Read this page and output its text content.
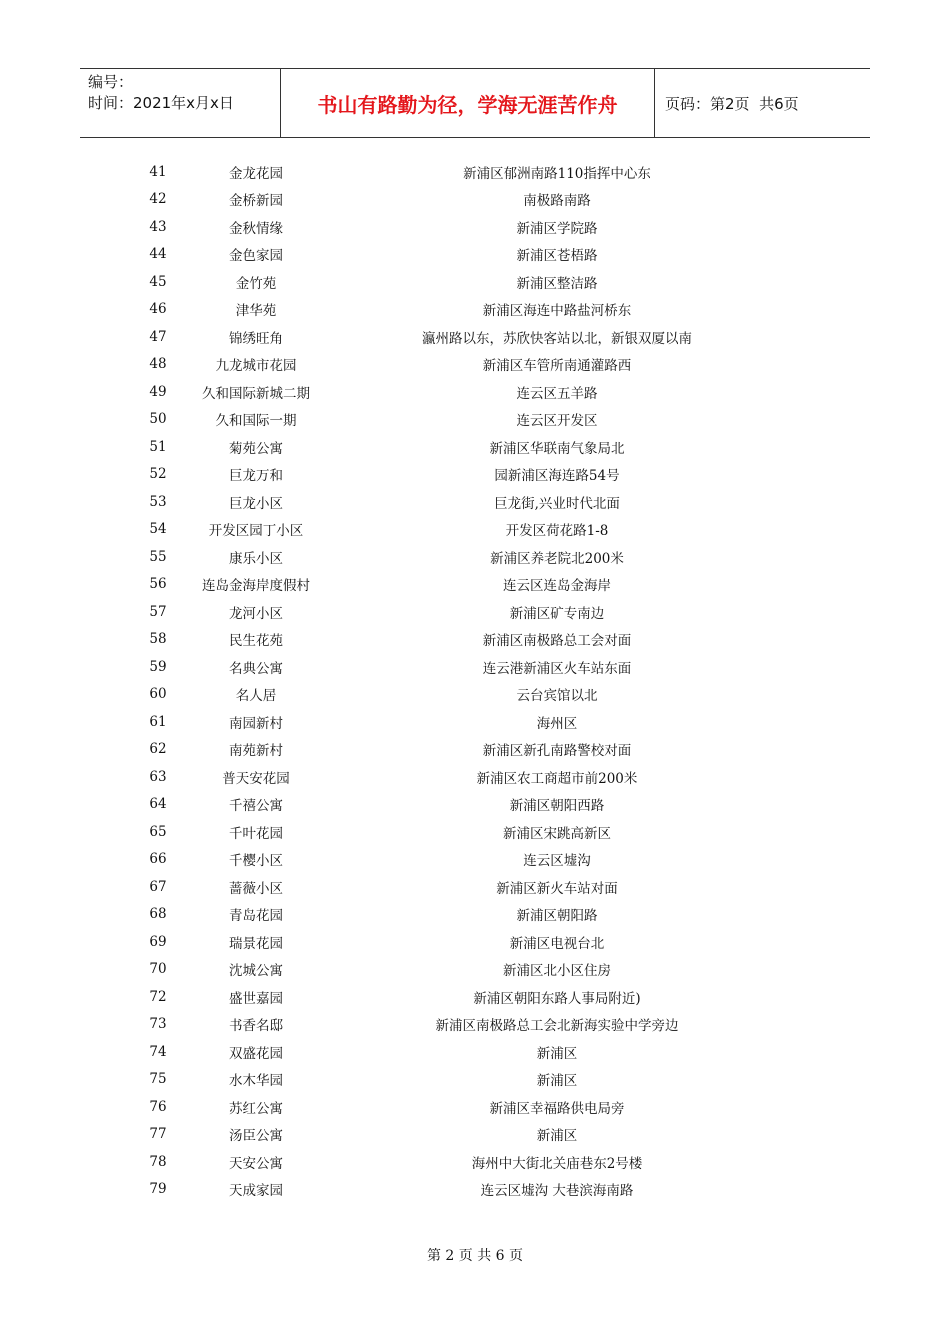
编号：
时间：2021年x月x日	书山有路勤为径，学海无涯苦作舟	页码：第2页  共6页
41	金龙花园	新浦区郁洲南路110指挥中心东
42	金桥新园	南极路南路
43	金秋情缘	新浦区学院路
44	金色家园	新浦区苍梧路
45	金竹苑	新浦区整洁路
46	津华苑	新浦区海连中路盐河桥东
47	锦绣旺角	瀛州路以东，苏欣快客站以北，新银双厦以南
48	九龙城市花园	新浦区车管所南通灌路西
49	久和国际新城二期	连云区五羊路
50	久和国际一期	连云区开发区
51	菊苑公寓	新浦区华联南气象局北
52	巨龙万和	园新浦区海连路54号
53	巨龙小区	巨龙街,兴业时代北面
54	开发区园丁小区	开发区荷花路1-8
55	康乐小区	新浦区养老院北200米
56	连岛金海岸度假村	连云区连岛金海岸
57	龙河小区	新浦区矿专南边
58	民生花苑	新浦区南极路总工会对面
59	名典公寓	连云港新浦区火车站东面
60	名人居	云台宾馆以北
61	南园新村	海州区
62	南苑新村	新浦区新孔南路警校对面
63	普天安花园	新浦区农工商超市前200米
64	千禧公寓	新浦区朝阳西路
65	千叶花园	新浦区宋跳高新区
66	千樱小区	连云区墟沟
67	蔷薇小区	新浦区新火车站对面
68	青岛花园	新浦区朝阳路
69	瑞景花园	新浦区电视台北
70	沈城公寓	新浦区北小区住房
72	盛世嘉园	新浦区朝阳东路人事局附近)
73	书香名邸	新浦区南极路总工会北新海实验中学旁边
74	双盛花园	新浦区
75	水木华园	新浦区
76	苏红公寓	新浦区幸福路供电局旁
77	汤臣公寓	新浦区
78	天安公寓	海州中大街北关庙巷东2号楼
79	天成家园	连云区墟沟 大巷滨海南路
第 2 页 共 6 页
